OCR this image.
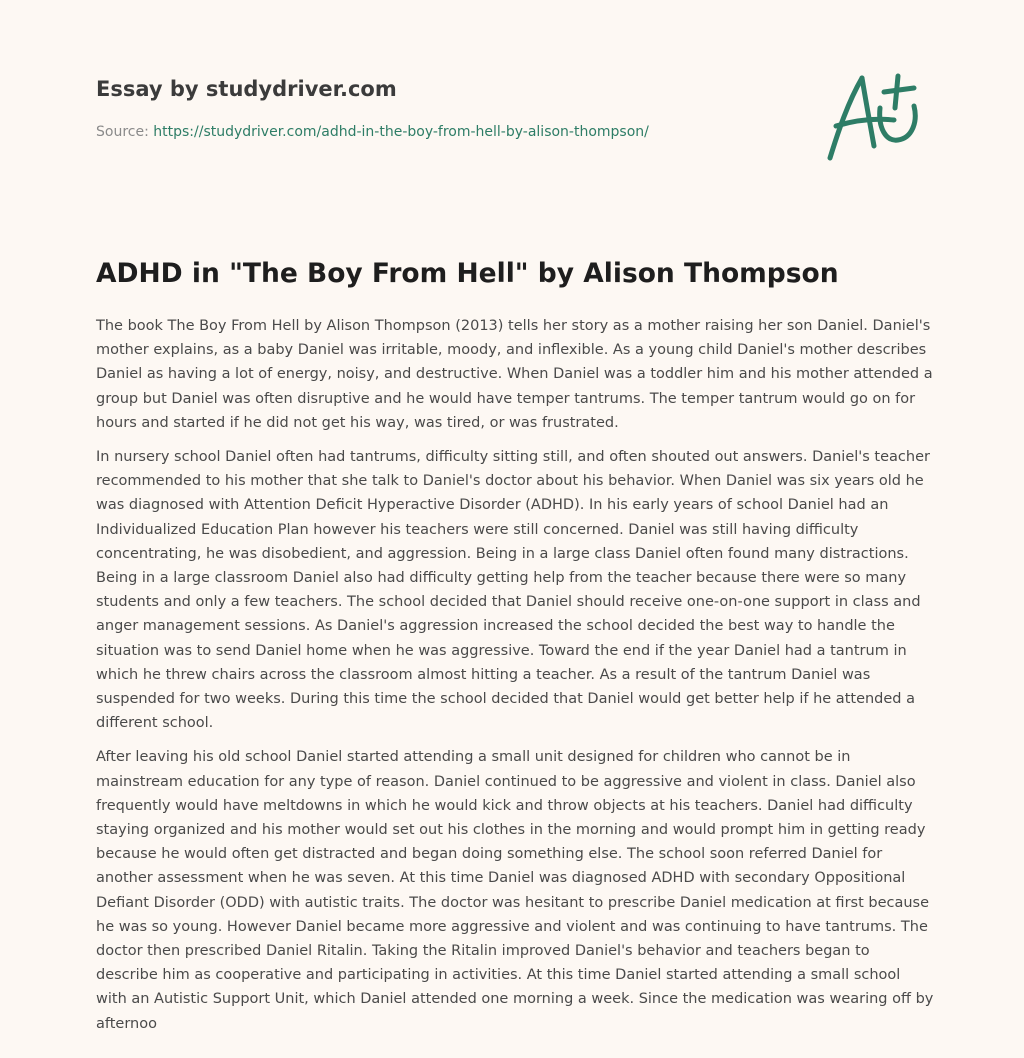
Essay by studydriver.com
Source: https://studydriver.com/adhd-in-the-boy-from-hell-by-alison-thompson/
ADHD in "The Boy From Hell" by Alison Thompson

The book The Boy From Hell by Alison Thompson (2013) tells her story as a mother raising her son Daniel. Daniel's mother explains, as a baby Daniel was irritable, moody, and inflexible. As a young child Daniel's mother describes Daniel as having a lot of energy, noisy, and destructive. When Daniel was a toddler him and his mother attended a group but Daniel was often disruptive and he would have temper tantrums. The temper tantrum would go on for hours and started if he did not get his way, was tired, or was frustrated.

In nursery school Daniel often had tantrums, difficulty sitting still, and often shouted out answers. Daniel's teacher recommended to his mother that she talk to Daniel's doctor about his behavior. When Daniel was six years old he was diagnosed with Attention Deficit Hyperactive Disorder (ADHD). In his early years of school Daniel had an Individualized Education Plan however his teachers were still concerned. Daniel was still having difficulty concentrating, he was disobedient, and aggression. Being in a large class Daniel often found many distractions. Being in a large classroom Daniel also had difficulty getting help from the teacher because there were so many students and only a few teachers. The school decided that Daniel should receive one-on-one support in class and anger management sessions. As Daniel's aggression increased the school decided the best way to handle the situation was to send Daniel home when he was aggressive. Toward the end if the year Daniel had a tantrum in which he threw chairs across the classroom almost hitting a teacher. As a result of the tantrum Daniel was suspended for two weeks. During this time the school decided that Daniel would get better help if he attended a different school.

After leaving his old school Daniel started attending a small unit designed for children who cannot be in mainstream education for any type of reason. Daniel continued to be aggressive and violent in class. Daniel also frequently would have meltdowns in which he would kick and throw objects at his teachers. Daniel had difficulty staying organized and his mother would set out his clothes in the morning and would prompt him in getting ready because he would often get distracted and began doing something else. The school soon referred Daniel for another assessment when he was seven. At this time Daniel was diagnosed ADHD with secondary Oppositional Defiant Disorder (ODD) with autistic traits. The doctor was hesitant to prescribe Daniel medication at first because he was so young. However Daniel became more aggressive and violent and was continuing to have tantrums. The doctor then prescribed Daniel Ritalin. Taking the Ritalin improved Daniel's behavior and teachers began to describe him as cooperative and participating in activities. At this time Daniel started attending a small school with an Autistic Support Unit, which Daniel attended one morning a week. Since the medication was wearing off by afternoo
